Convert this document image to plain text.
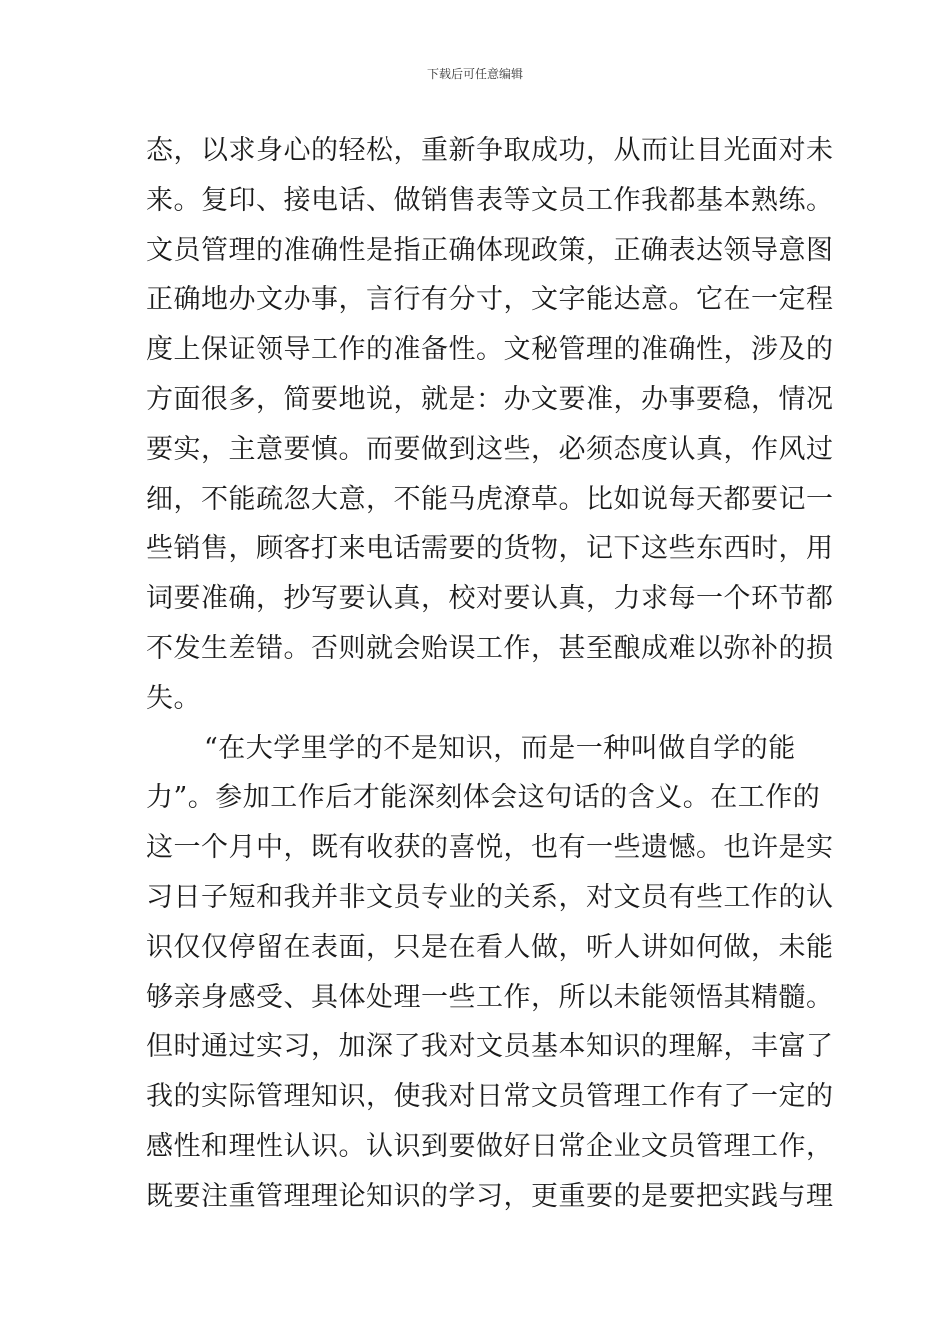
下载后可任意编辑
态，以求身心的轻松，重新争取成功，从而让目光面对未
来。复印、接电话、做销售表等文员工作我都基本熟练。
文员管理的准确性是指正确体现政策，正确表达领导意图
正确地办文办事，言行有分寸，文字能达意。它在一定程
度上保证领导工作的准备性。文秘管理的准确性，涉及的
方面很多，简要地说，就是：办文要准，办事要稳，情况
要实，主意要慎。而要做到这些，必须态度认真，作风过
细，不能疏忽大意，不能马虎潦草。比如说每天都要记一
些销售，顾客打来电话需要的货物，记下这些东西时，用
词要准确，抄写要认真，校对要认真，力求每一个环节都
不发生差错。否则就会贻误工作，甚至酿成难以弥补的损
失。
“在大学里学的不是知识，而是一种叫做自学的能
力”。参加工作后才能深刻体会这句话的含义。在工作的
这一个月中，既有收获的喜悦，也有一些遗憾。也许是实
习日子短和我并非文员专业的关系，对文员有些工作的认
识仅仅停留在表面，只是在看人做，听人讲如何做，未能
够亲身感受、具体处理一些工作，所以未能领悟其精髓。
但时通过实习，加深了我对文员基本知识的理解，丰富了
我的实际管理知识，使我对日常文员管理工作有了一定的
感性和理性认识。认识到要做好日常企业文员管理工作，
既要注重管理理论知识的学习，更重要的是要把实践与理
